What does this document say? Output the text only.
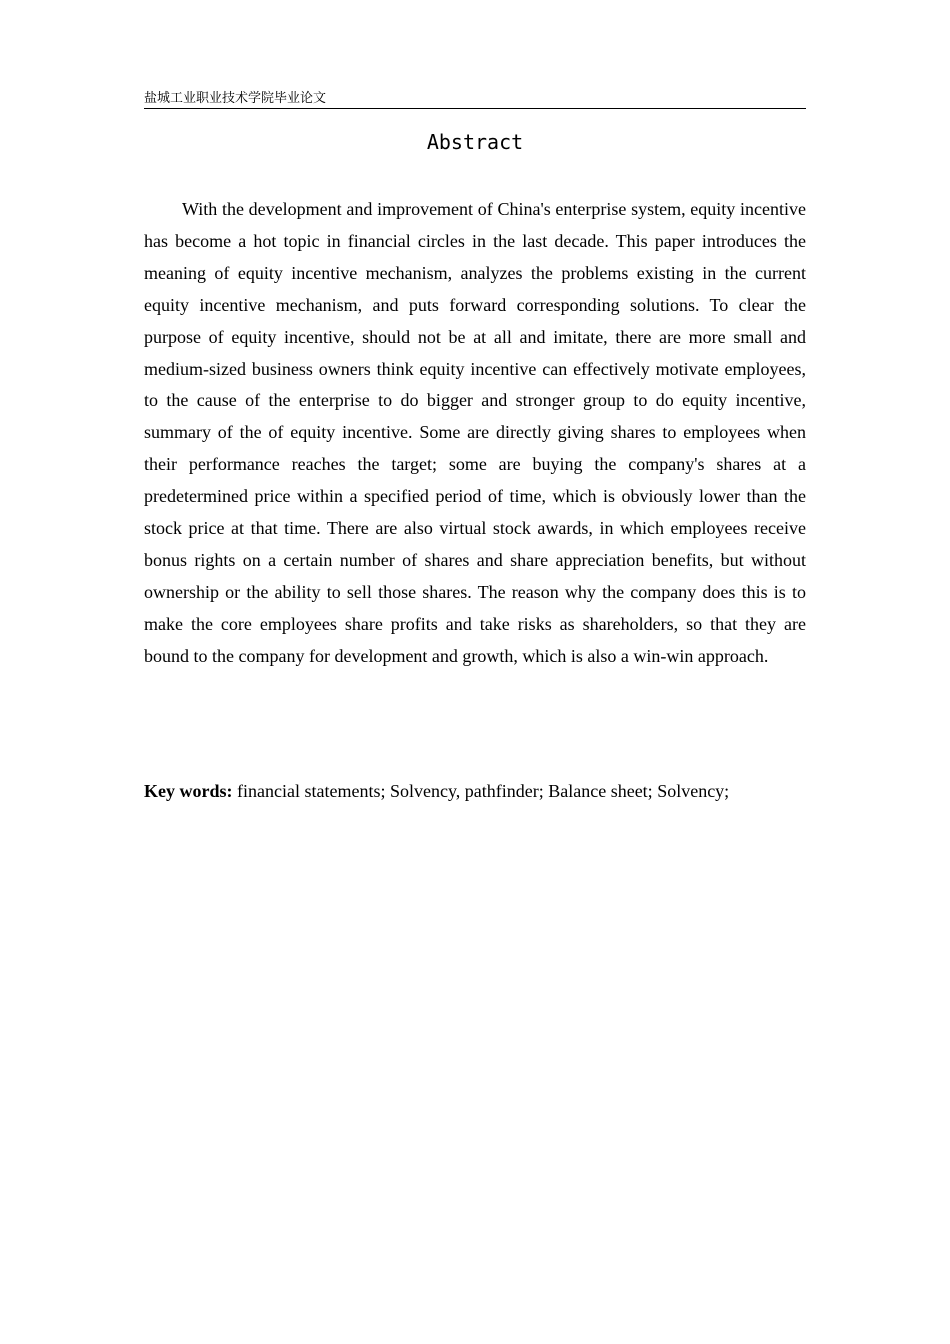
盐城工业职业技术学院毕业论文
Abstract

With the development and improvement of China's enterprise system, equity incentive has become a hot topic in financial circles in the last decade. This paper introduces the meaning of equity incentive mechanism, analyzes the problems existing in the current equity incentive mechanism, and puts forward corresponding solutions. To clear the purpose of equity incentive, should not be at all and imitate, there are more small and medium-sized business owners think equity incentive can effectively motivate employees, to the cause of the enterprise to do bigger and stronger group to do equity incentive, summary of the of equity incentive. Some are directly giving shares to employees when their performance reaches the target; some are buying the company's shares at a predetermined price within a specified period of time, which is obviously lower than the stock price at that time. There are also virtual stock awards, in which employees receive bonus rights on a certain number of shares and share appreciation benefits, but without ownership or the ability to sell those shares. The reason why the company does this is to make the core employees share profits and take risks as shareholders, so that they are bound to the company for development and growth, which is also a win-win approach.

Key words: financial statements; Solvency, pathfinder; Balance sheet; Solvency;
